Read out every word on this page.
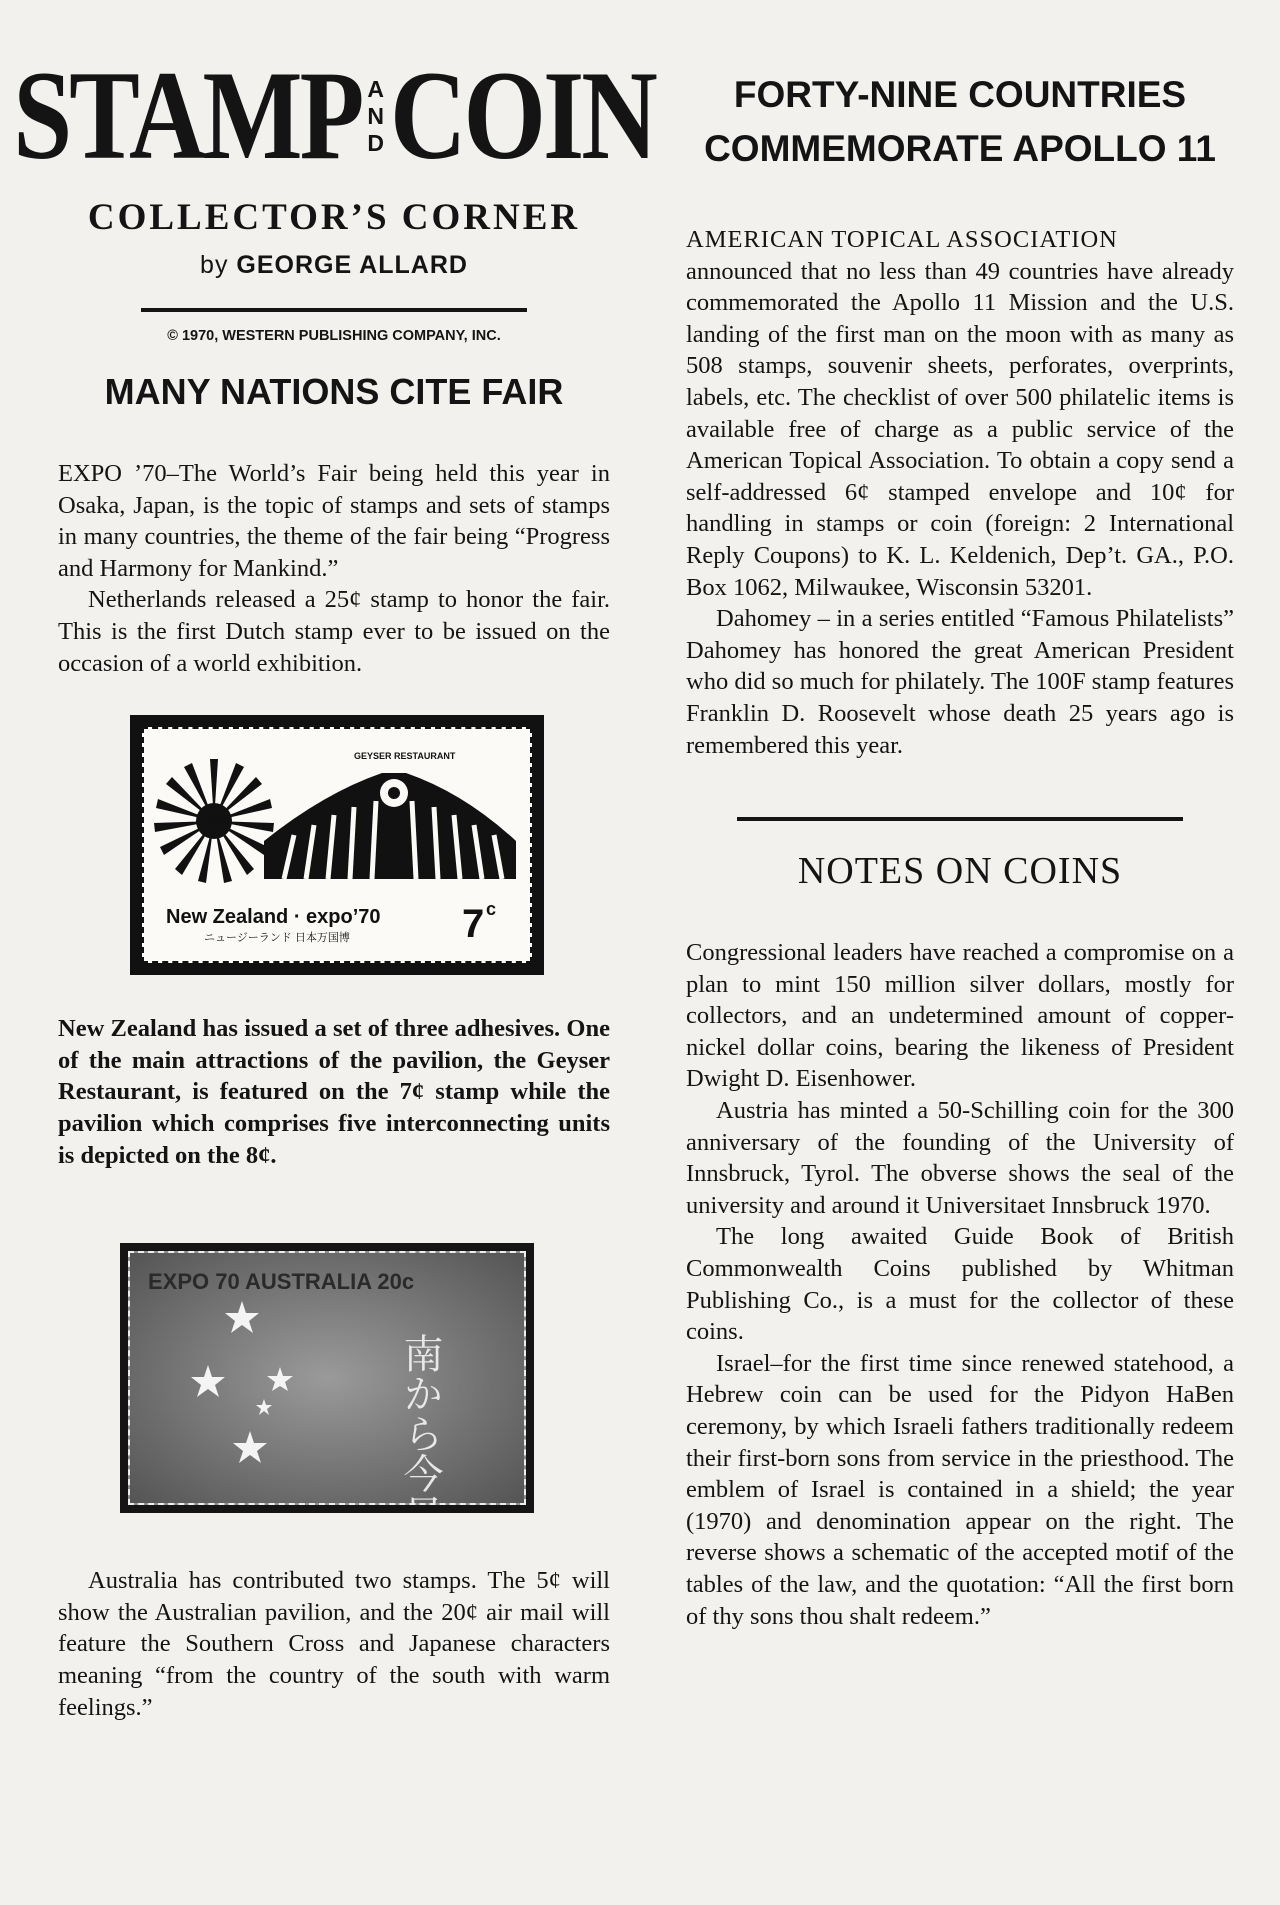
STAMP A
N
D COIN
COLLECTOR’S CORNER
by GEORGE ALLARD
© 1970, WESTERN PUBLISHING COMPANY, INC.
MANY NATIONS CITE FAIR

EXPO ’70–The World’s Fair being held this year in Osaka, Japan, is the topic of stamps and sets of stamps in many countries, the theme of the fair being “Progress and Harmony for Mankind.”

Netherlands released a 25¢ stamp to honor the fair. This is the first Dutch stamp ever to be issued on the occasion of a world exhibition.

GEYSER RESTAURANT
New Zealand · expo’70
ニュージーランド 日本万国博	7 c

New Zealand has issued a set of three adhesives. One of the main attractions of the pavilion, the Geyser Restaurant, is featured on the 7¢ stamp while the pavilion which comprises five interconnecting units is depicted on the 8¢.

EXPO 70 AUSTRALIA 20c
南から今日は

Australia has contributed two stamps. The 5¢ will show the Australian pavilion, and the 20¢ air mail will feature the Southern Cross and Japanese characters meaning “from the country of the south with warm feelings.”

FORTY-NINE COUNTRIES
COMMEMORATE APOLLO 11

AMERICAN TOPICAL ASSOCIATION

announced that no less than 49 countries have already commemorated the Apollo 11 Mission and the U.S. landing of the first man on the moon with as many as 508 stamps, souvenir sheets, perforates, overprints, labels, etc. The checklist of over 500 philatelic items is available free of charge as a public service of the American Topical Association. To obtain a copy send a self-addressed 6¢ stamped envelope and 10¢ for handling in stamps or coin (foreign: 2 International Reply Coupons) to K. L. Keldenich, Dep’t. GA., P.O. Box 1062, Milwaukee, Wisconsin 53201.

Dahomey – in a series entitled “Famous Philatelists” Dahomey has honored the great American President who did so much for philately. The 100F stamp features Franklin D. Roosevelt whose death 25 years ago is remembered this year.

NOTES ON COINS

Congressional leaders have reached a compromise on a plan to mint 150 million silver dollars, mostly for collectors, and an undetermined amount of copper-nickel dollar coins, bearing the likeness of President Dwight D. Eisenhower.

Austria has minted a 50-Schilling coin for the 300 anniversary of the founding of the University of Innsbruck, Tyrol. The obverse shows the seal of the university and around it Universitaet Innsbruck 1970.

The long awaited Guide Book of British Commonwealth Coins published by Whitman Publishing Co., is a must for the collector of these coins.

Israel–for the first time since renewed statehood, a Hebrew coin can be used for the Pidyon HaBen ceremony, by which Israeli fathers traditionally redeem their first-born sons from service in the priesthood. The emblem of Israel is contained in a shield; the year (1970) and denomination appear on the right. The reverse shows a schematic of the accepted motif of the tables of the law, and the quotation: “All the first born of thy sons thou shalt redeem.”
